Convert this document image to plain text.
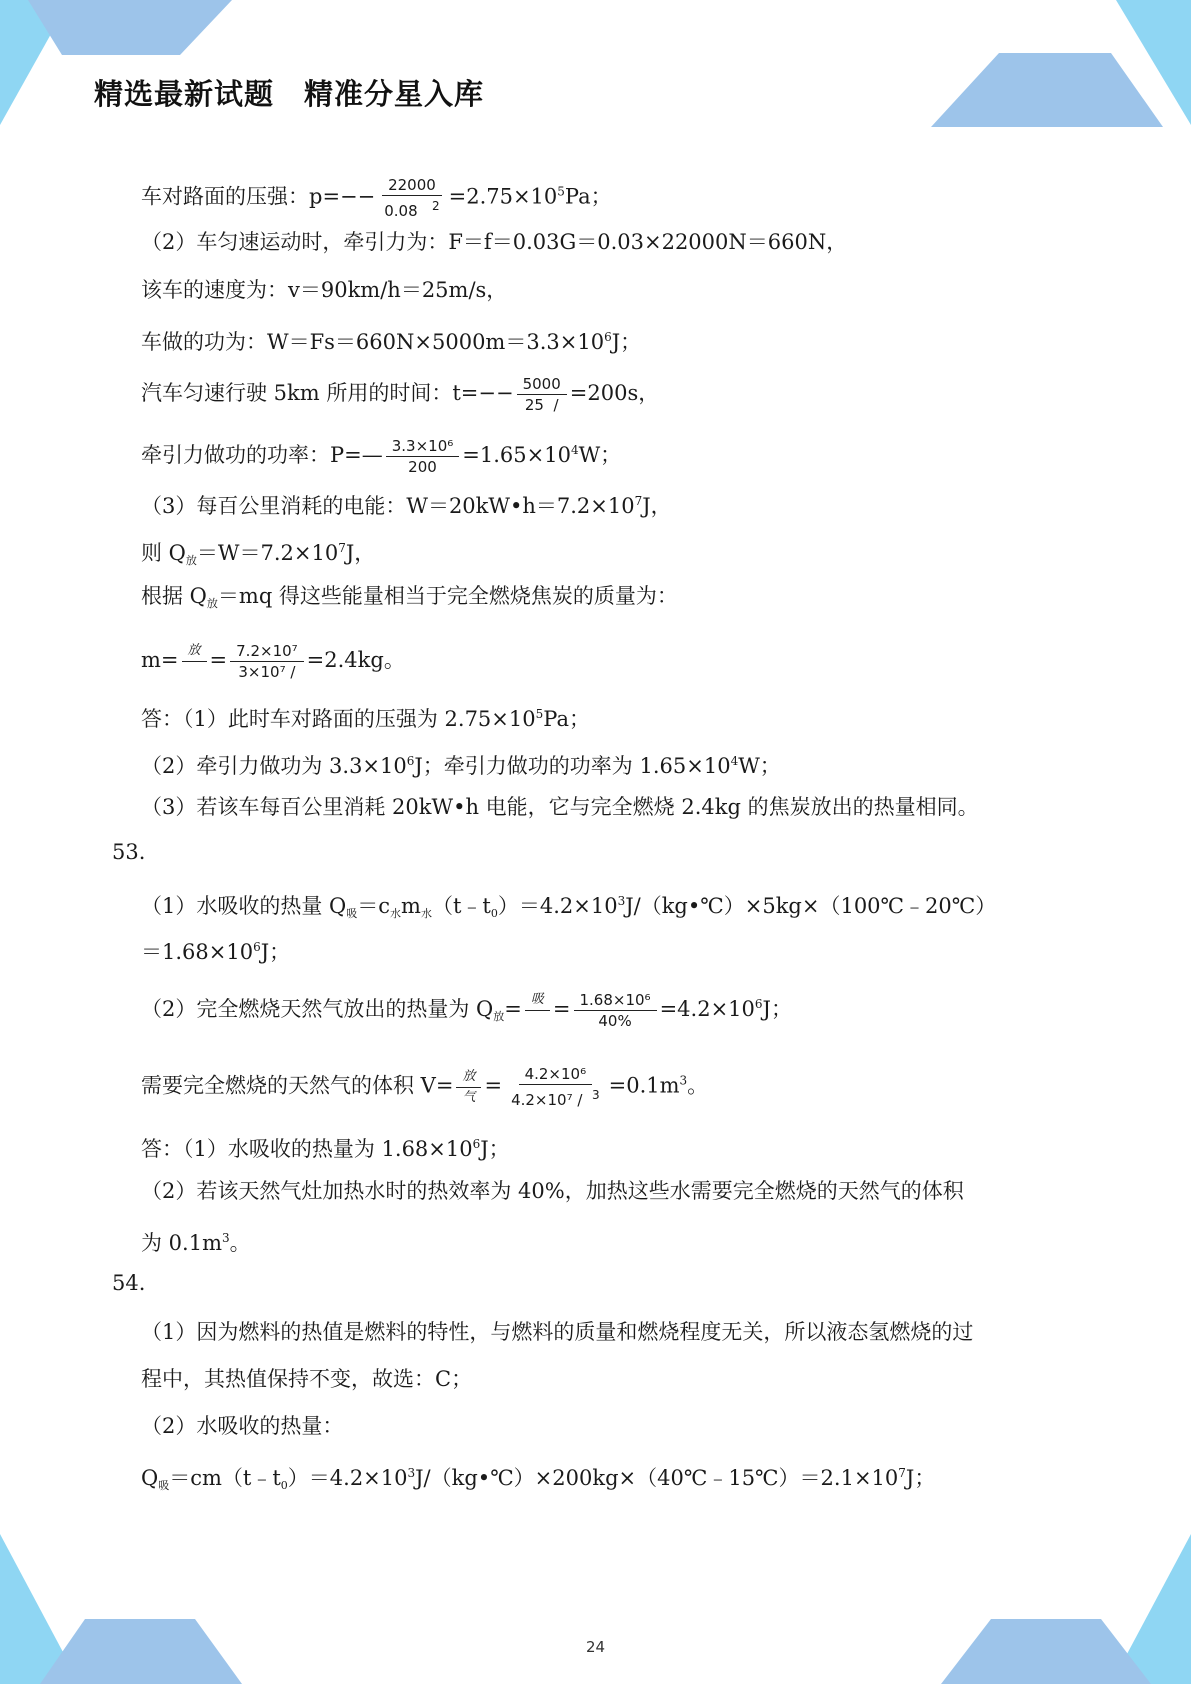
精选最新试题 精准分星入库
车对路面的压强：$p=-- \frac{22000}{0.08 ^2} =2.75\times 10^5Pa$；
（2）车匀速运动时，牵引力为：F＝f＝0.03G＝0.03×22000N＝660N，
该车的速度为：v＝90km/h＝25m/s，
车做的功为：$W=Fs=660N\times 5000m=3.3\times 10^6J$；
汽车匀速行驶 5km 所用的时间：$t=-- \frac{5000}{25 /} =200s$，
牵引力做功的功率：P=— $\frac{\text{3.3×10⁶}}{200} =1.65\times 10^4W$；
（3）每百公里消耗的电能：$W=20kW•h=7.2\times 10^7J$，
则 $Q_放=W=7.2\times 10^7J$，
根据 $Q_放=mq$ 得这些能量相当于完全燃烧焦炭的质量为：
m= 放
= $\frac{\text{7.2×10⁷}}{\text{3×10⁷ /}} =2.4kg$。
答：（1）此时车对路面的压强为 $2.75\times 10^5Pa$；
（2）牵引力做功为 $3.3\times 10^6J$；牵引力做功的功率为 $1.65\times 10^4W$；
（3）若该车每百公里消耗 20kW•h 电能，它与完全燃烧 2.4kg 的焦炭放出的热量相同。
53.
（1）水吸收的热量 $Q_吸=c_水m_水(t﹣t_0)=4.2\times 10^3J/(kg•℃)\times 5kg\times(100℃﹣20℃)$
$=1.68\times 10^6J$；
（2）完全燃烧天然气放出的热量为 $Q_放=$ 吸
= $\frac{\text{1.68×10⁶}}{40\%} =4.2\times 10^6J$；
需要完全燃烧的天然气的体积 $V= \frac{\text{放}}{\text{气}} = \frac{\text{4.2×10⁶}}{4.2\times 10^7 / ^3} =0.1m^3$。
答：（1）水吸收的热量为 $1.68\times 10^6J$；
（2）若该天然气灶加热水时的热效率为 40%，加热这些水需要完全燃烧的天然气的体积
为 $0.1m^3$。
54.
（1）因为燃料的热值是燃料的特性，与燃料的质量和燃烧程度无关，所以液态氢燃烧的过
程中，其热值保持不变，故选：C；
（2）水吸收的热量：
$Q_吸=cm(t﹣t_0)=4.2\times 10^3J/(kg•℃)\times 200kg\times(40℃﹣15℃)=2.1\times 10^7J$；
24
